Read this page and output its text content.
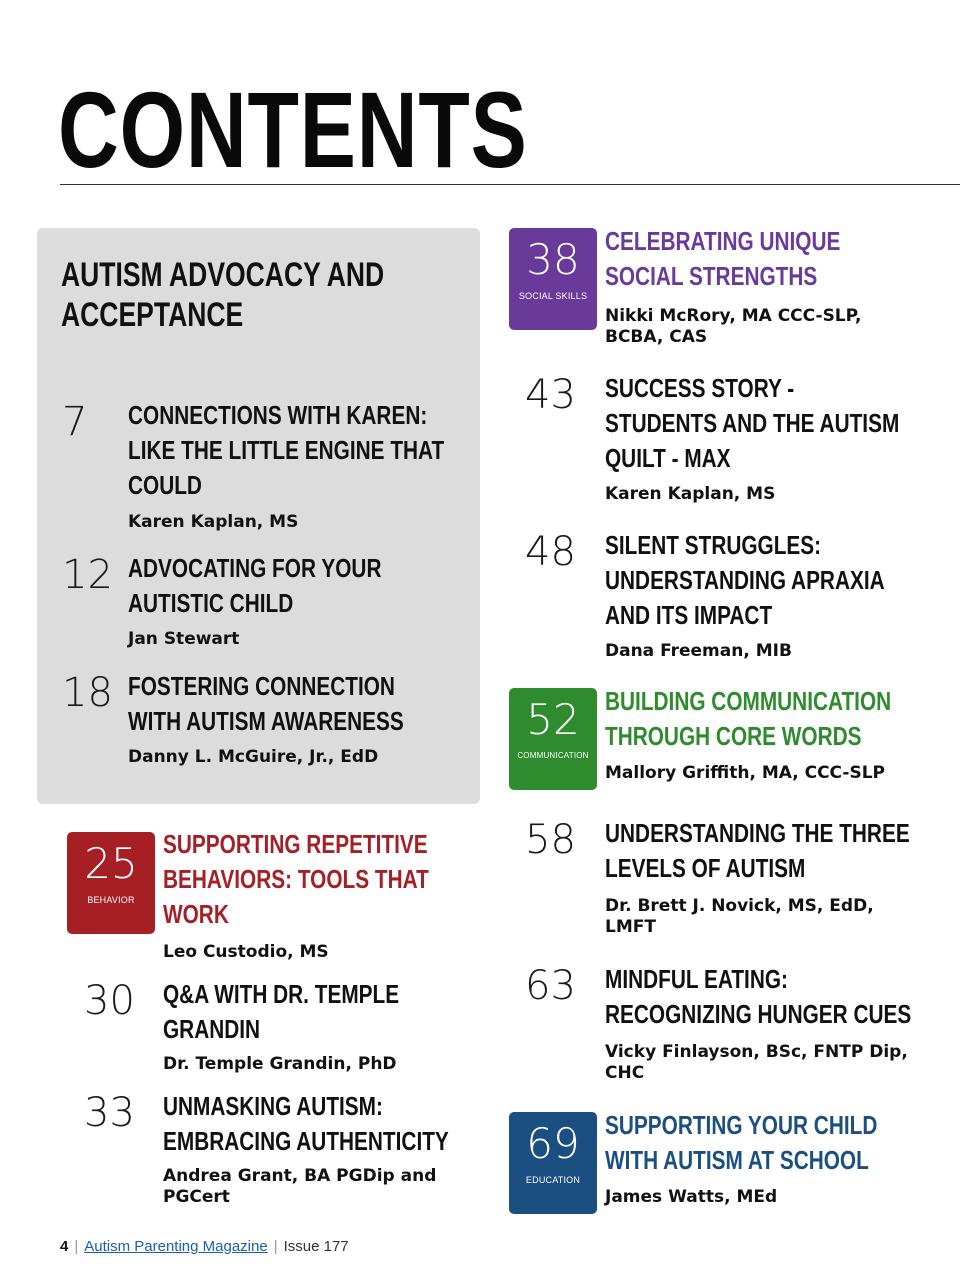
CONTENTS
AUTISM ADVOCACY AND ACCEPTANCE
7 CONNECTIONS WITH KAREN: LIKE THE LITTLE ENGINE THAT COULD
Karen Kaplan, MS
12 ADVOCATING FOR YOUR AUTISTIC CHILD
Jan Stewart
18 FOSTERING CONNECTION WITH AUTISM AWARENESS
Danny L. McGuire, Jr., EdD
25
BEHAVIOR
SUPPORTING REPETITIVE BEHAVIORS: TOOLS THAT WORK
Leo Custodio, MS
30 Q&A WITH DR. TEMPLE GRANDIN
Dr. Temple Grandin, PhD
33 UNMASKING AUTISM: EMBRACING AUTHENTICITY
Andrea Grant, BA PGDip and PGCert
38
SOCIAL SKILLS
CELEBRATING UNIQUE SOCIAL STRENGTHS
Nikki McRory, MA CCC-SLP, BCBA, CAS
43 SUCCESS STORY - STUDENTS AND THE AUTISM QUILT - MAX
Karen Kaplan, MS
48 SILENT STRUGGLES: UNDERSTANDING APRAXIA AND ITS IMPACT
Dana Freeman, MIB
52
COMMUNICATION
BUILDING COMMUNICATION THROUGH CORE WORDS
Mallory Griffith, MA, CCC-SLP
58 UNDERSTANDING THE THREE LEVELS OF AUTISM
Dr. Brett J. Novick, MS, EdD, LMFT
63 MINDFUL EATING: RECOGNIZING HUNGER CUES
Vicky Finlayson, BSc, FNTP Dip, CHC
69
EDUCATION
SUPPORTING YOUR CHILD WITH AUTISM AT SCHOOL
James Watts, MEd
4 | Autism Parenting Magazine | Issue 177
